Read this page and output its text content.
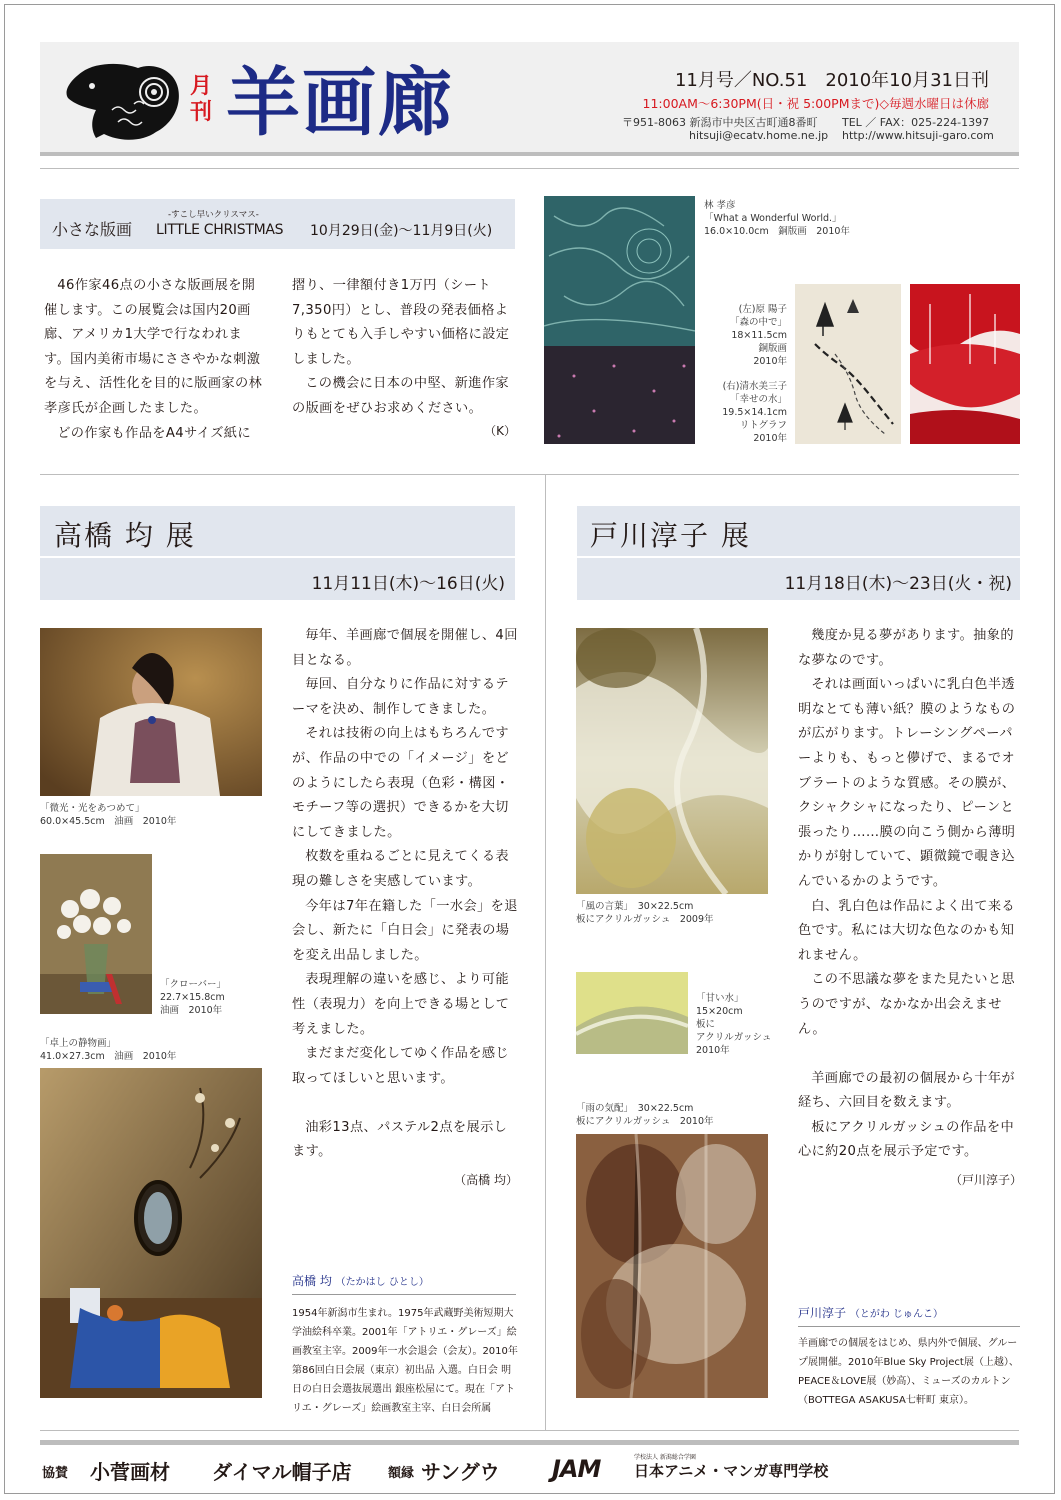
月刊 羊画廊	11月号／NO.51　2010年10月31日刊
11:00AM〜6:30PM(日・祝 5:00PMまで)◇毎週水曜日は休廊
〒951-8063 新潟市中央区古町通8番町 TEL ／ FAX：025-224-1397
hitsuji@ecatv.home.ne.jp http://www.hitsuji-garo.com
小さな版画
-すこし早いクリスマス-
LITTLE CHRISTMAS 10月29日(金)〜11月9日(火)

46作家46点の小さな版画展を開催します。この展覧会は国内20画廊、アメリカ1大学で行なわれます。国内美術市場にささやかな刺激を与え、活性化を目的に版画家の林孝彦氏が企画したました。

どの作家も作品をA4サイズ紙に

摺り、一律額付き1万円（シート7,350円）とし、普段の発表価格よりもとても入手しやすい価格に設定しました。

この機会に日本の中堅、新進作家の版画をぜひお求めください。

（K）

林 孝彦
「What a Wonderful World.」
16.0×10.0cm　銅版画　2010年
(左)原 陽子
「森の中で」
18×11.5cm
銅版画
2010年
(右)清水美三子
「幸せの水」
19.5×14.1cm
リトグラフ
2010年
高橋 均 展
11月11日(木)〜16日(火)
「微光・光をあつめて」
60.0×45.5cm　油画　2010年
「クローバー」
22.7×15.8cm
油画　2010年
「卓上の静物画」
41.0×27.3cm　油画　2010年

毎年、羊画廊で個展を開催し、4回目となる。

毎回、自分なりに作品に対するテーマを決め、制作してきました。

それは技術の向上はもちろんですが、作品の中での「イメージ」をどのようにしたら表現（色彩・構図・モチーフ等の選択）できるかを大切にしてきました。

枚数を重ねるごとに見えてくる表現の難しさを実感しています。

今年は7年在籍した「一水会」を退会し、新たに「白日会」に発表の場を変え出品しました。

表現理解の違いを感じ、より可能性（表現力）を向上できる場として考えました。

まだまだ変化してゆく作品を感じ取ってほしいと思います。

油彩13点、パステル2点を展示します。

（高橋 均）

高橋 均 （たかはし ひとし）
1954年新潟市生まれ。1975年武蔵野美術短期大学油絵科卒業。2001年「アトリエ・グレーズ」絵画教室主宰。2009年一水会退会（会友）。2010年第86回白日会展（東京）初出品 入選。白日会 明日の白日会選抜展選出 銀座松屋にて。現在「アトリエ・グレーズ」絵画教室主宰、白日会所属
戸川淳子 展
11月18日(木)〜23日(火・祝)
「風の言葉」　30×22.5cm
板にアクリルガッシュ　2009年
「甘い水」
15×20cm
板に
アクリルガッシュ
2010年
「雨の気配」　30×22.5cm
板にアクリルガッシュ　2010年

幾度か見る夢があります。抽象的な夢なのです。

それは画面いっぱいに乳白色半透明なとても薄い紙？膜のようなものが広がります。トレーシングペーパーよりも、もっと儚げで、まるでオブラートのような質感。その膜が、クシャクシャになったり、ピーンと張ったり……膜の向こう側から薄明かりが射していて、顕微鏡で覗き込んでいるかのようです。

白、乳白色は作品によく出て来る色です。私には大切な色なのかも知れません。

この不思議な夢をまた見たいと思うのですが、なかなか出会えません。

羊画廊での最初の個展から十年が経ち、六回目を数えます。

板にアクリルガッシュの作品を中心に約20点を展示予定です。

（戸川淳子）

戸川淳子 （とがわ じゅんこ）
羊画廊での個展をはじめ、県内外で個展、グループ展開催。2010年Blue Sky Project展（上越）、PEACE＆LOVE展（妙高）、ミューズのカルトン（BOTTEGA ASAKUSA七軒町 東京）。
協賛 小菅画材 ダイマル帽子店	額縁 サングウ JAM	学校法人 新潟総合学園
日本アニメ・マンガ専門学校
